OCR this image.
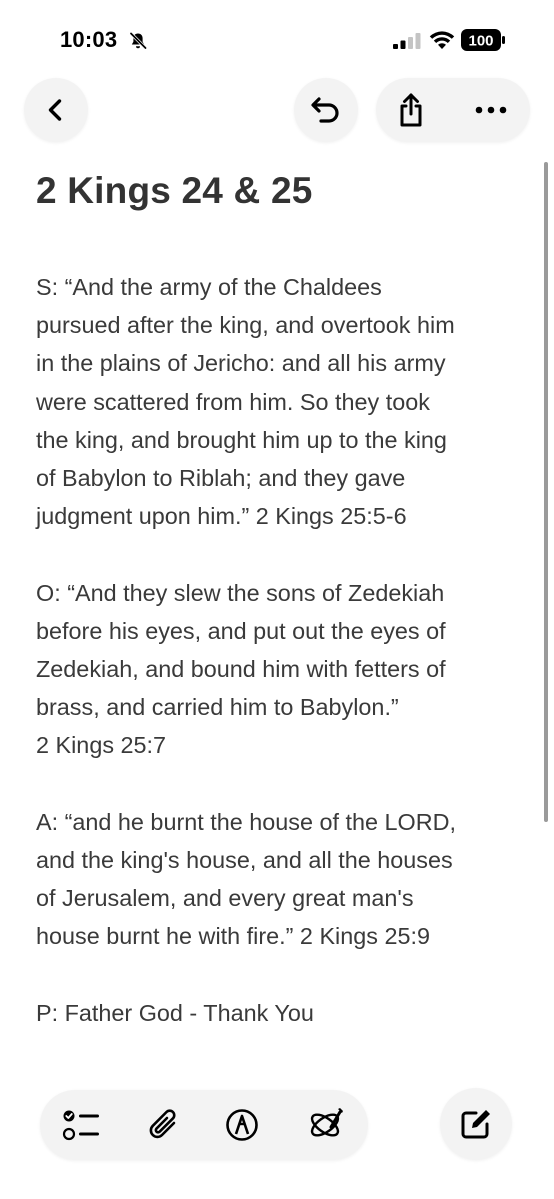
10:03	100
2 Kings 24 & 25

S: “And the army of the Chaldees
pursued after the king, and overtook him
in the plains of Jericho: and all his army
were scattered from him. So they took
the king, and brought him up to the king
of Babylon to Riblah; and they gave
judgment upon him.” 2 Kings 25:5-6

O: “And they slew the sons of Zedekiah
before his eyes, and put out the eyes of
Zedekiah, and bound him with fetters of
brass, and carried him to Babylon.”
2 Kings 25:7

A: “and he burnt the house of the LORD,
and the king's house, and all the houses
of Jerusalem, and every great man's
house burnt he with fire.” 2 Kings 25:9

P: Father God - Thank You
